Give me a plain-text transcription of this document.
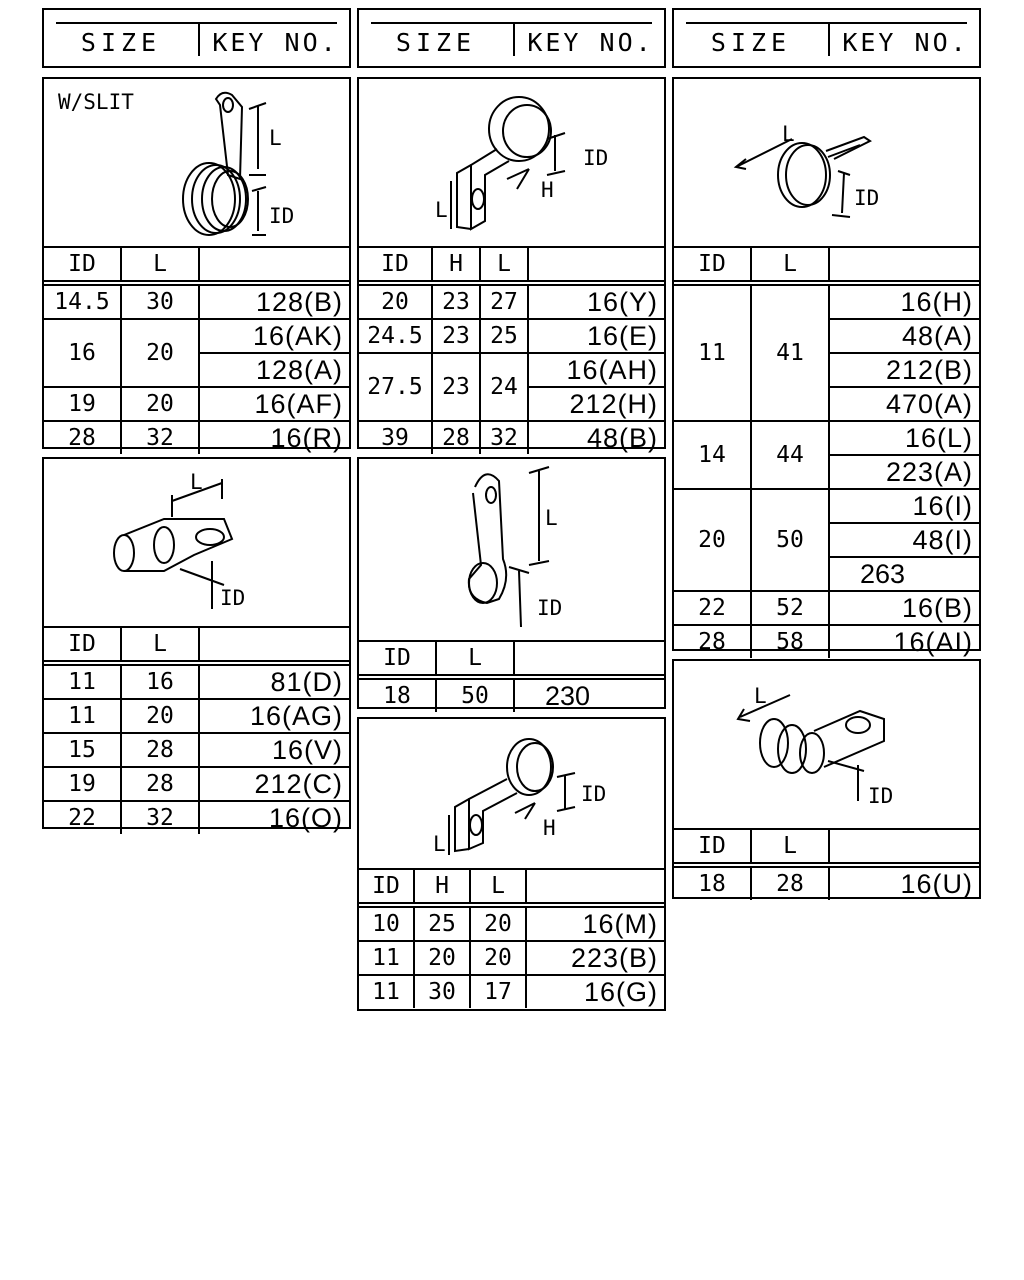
SIZE	KEY NO.	SIZE	KEY NO.	SIZE	KEY NO.
W/SLIT
L
ID
ID	L	
14.5	30	128(B)
16	20	16(AK)
		128(A)
19	20	16(AF)
28	32	16(R)
ID
H
L
ID	H	L	
20	23	27	16(Y)
24.5	23	25	16(E)
27.5	23	24	16(AH)
			212(H)
39	28	32	48(B)
L
ID
ID	L	
11	41	16(H)
		48(A)
		212(B)
		470(A)
14	44	16(L)
		223(A)
20	50	16(I)
		48(I)
		263
22	52	16(B)
28	58	16(AI)
L
ID
ID	L	
11	16	81(D)
11	20	16(AG)
15	28	16(V)
19	28	212(C)
22	32	16(O)
L
ID
ID	L	
18	50	230
ID
H
L
ID	H	L	
10	25	20	16(M)
11	20	20	223(B)
11	30	17	16(G)
L
ID
ID	L	
18	28	16(U)
